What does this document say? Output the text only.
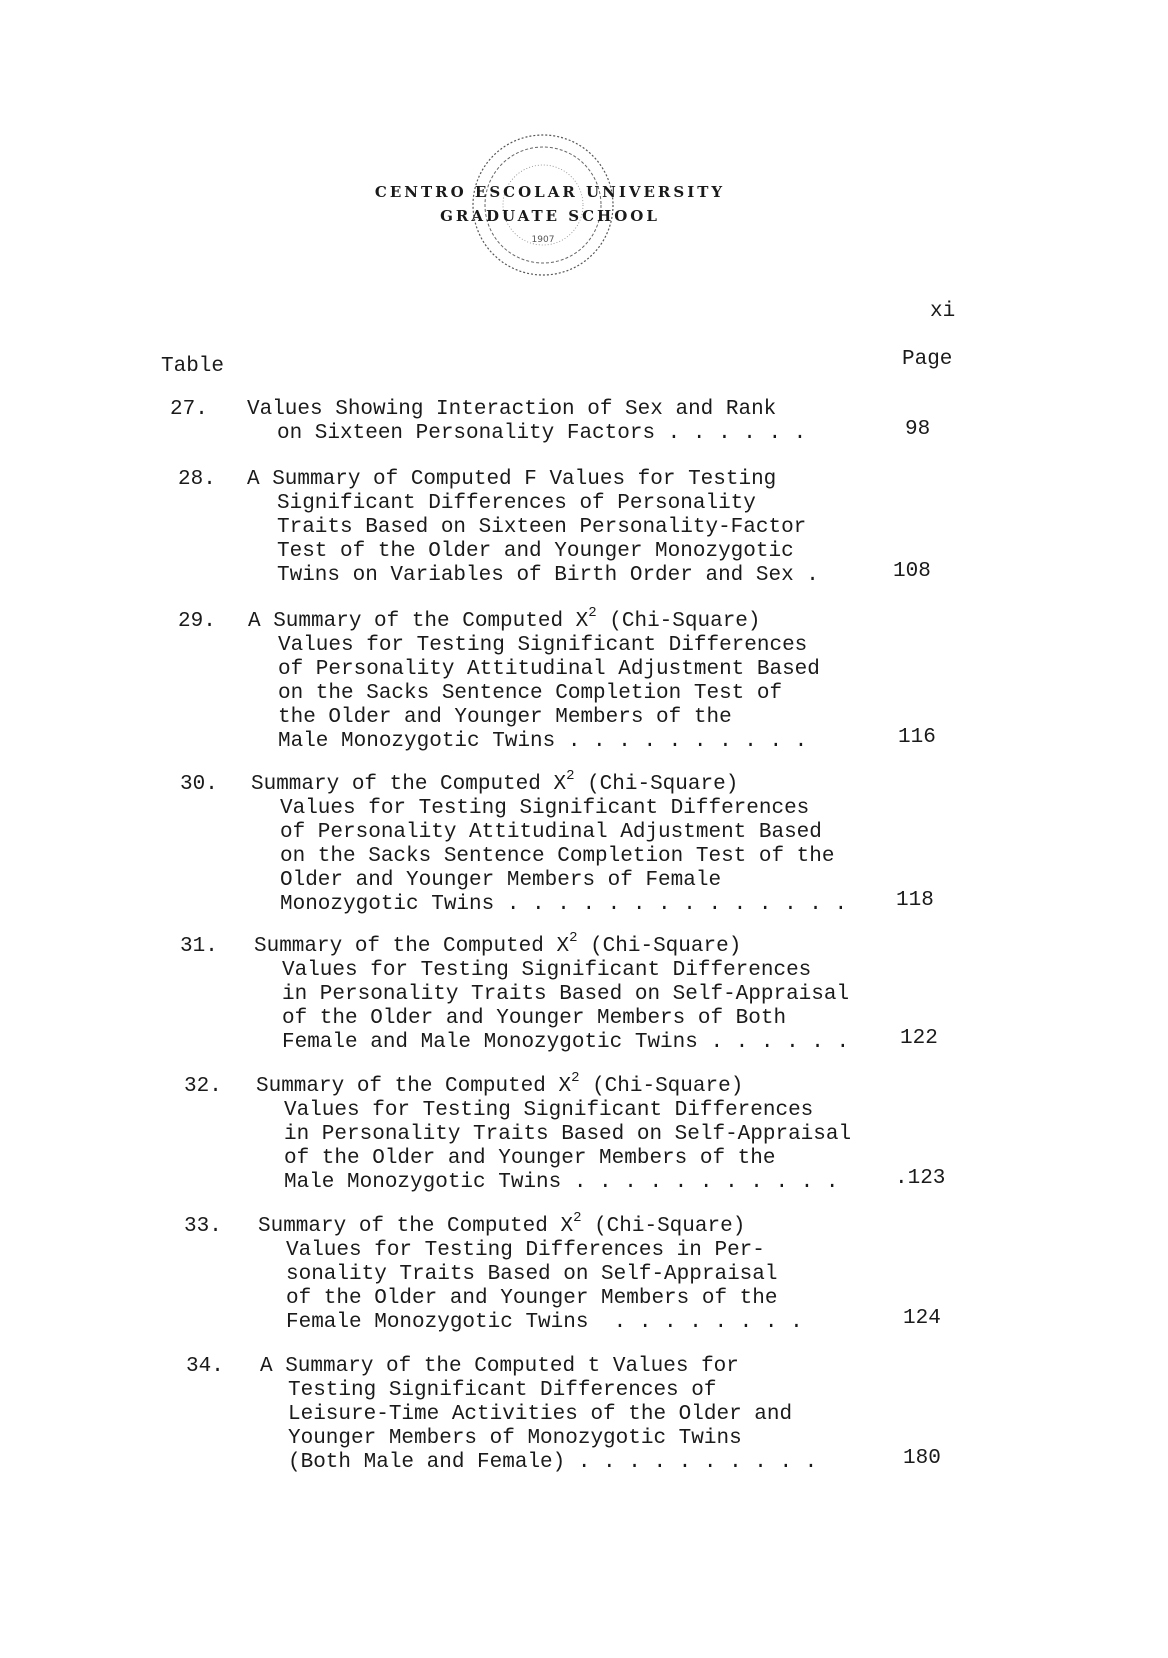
1907
CENTRO ESCOLAR UNIVERSITY
GRADUATE SCHOOL
xi
Table	Page
27. Values Showing Interaction of Sex and Rank
on Sixteen Personality Factors . . . . . .	98
28. A Summary of Computed F Values for Testing
Significant Differences of Personality
Traits Based on Sixteen Personality-Factor
Test of the Older and Younger Monozygotic
Twins on Variables of Birth Order and Sex .	108
29. A Summary of the Computed $X^2$ (Chi-Square)
Values for Testing Significant Differences
of Personality Attitudinal Adjustment Based
on the Sacks Sentence Completion Test of
the Older and Younger Members of the
Male Monozygotic Twins . . . . . . . . . .	116
30. Summary of the Computed $X^2$ (Chi-Square)
Values for Testing Significant Differences
of Personality Attitudinal Adjustment Based
on the Sacks Sentence Completion Test of the
Older and Younger Members of Female
Monozygotic Twins . . . . . . . . . . . . . . 118
31. Summary of the Computed $X^2$ (Chi-Square)
Values for Testing Significant Differences
in Personality Traits Based on Self-Appraisal
of the Older and Younger Members of Both
Female and Male Monozygotic Twins . . . . . . 122
32. Summary of the Computed $X^2$ (Chi-Square)
Values for Testing Significant Differences
in Personality Traits Based on Self-Appraisal
of the Older and Younger Members of the
Male Monozygotic Twins . . . . . . . . . . .	.123
33. Summary of the Computed $X^2$ (Chi-Square)
Values for Testing Differences in Per-
sonality Traits Based on Self-Appraisal
of the Older and Younger Members of the
Female Monozygotic Twins  . . . . . . . .	124
34. A Summary of the Computed t Values for
Testing Significant Differences of
Leisure-Time Activities of the Older and
Younger Members of Monozygotic Twins
(Both Male and Female) . . . . . . . . . .	180
